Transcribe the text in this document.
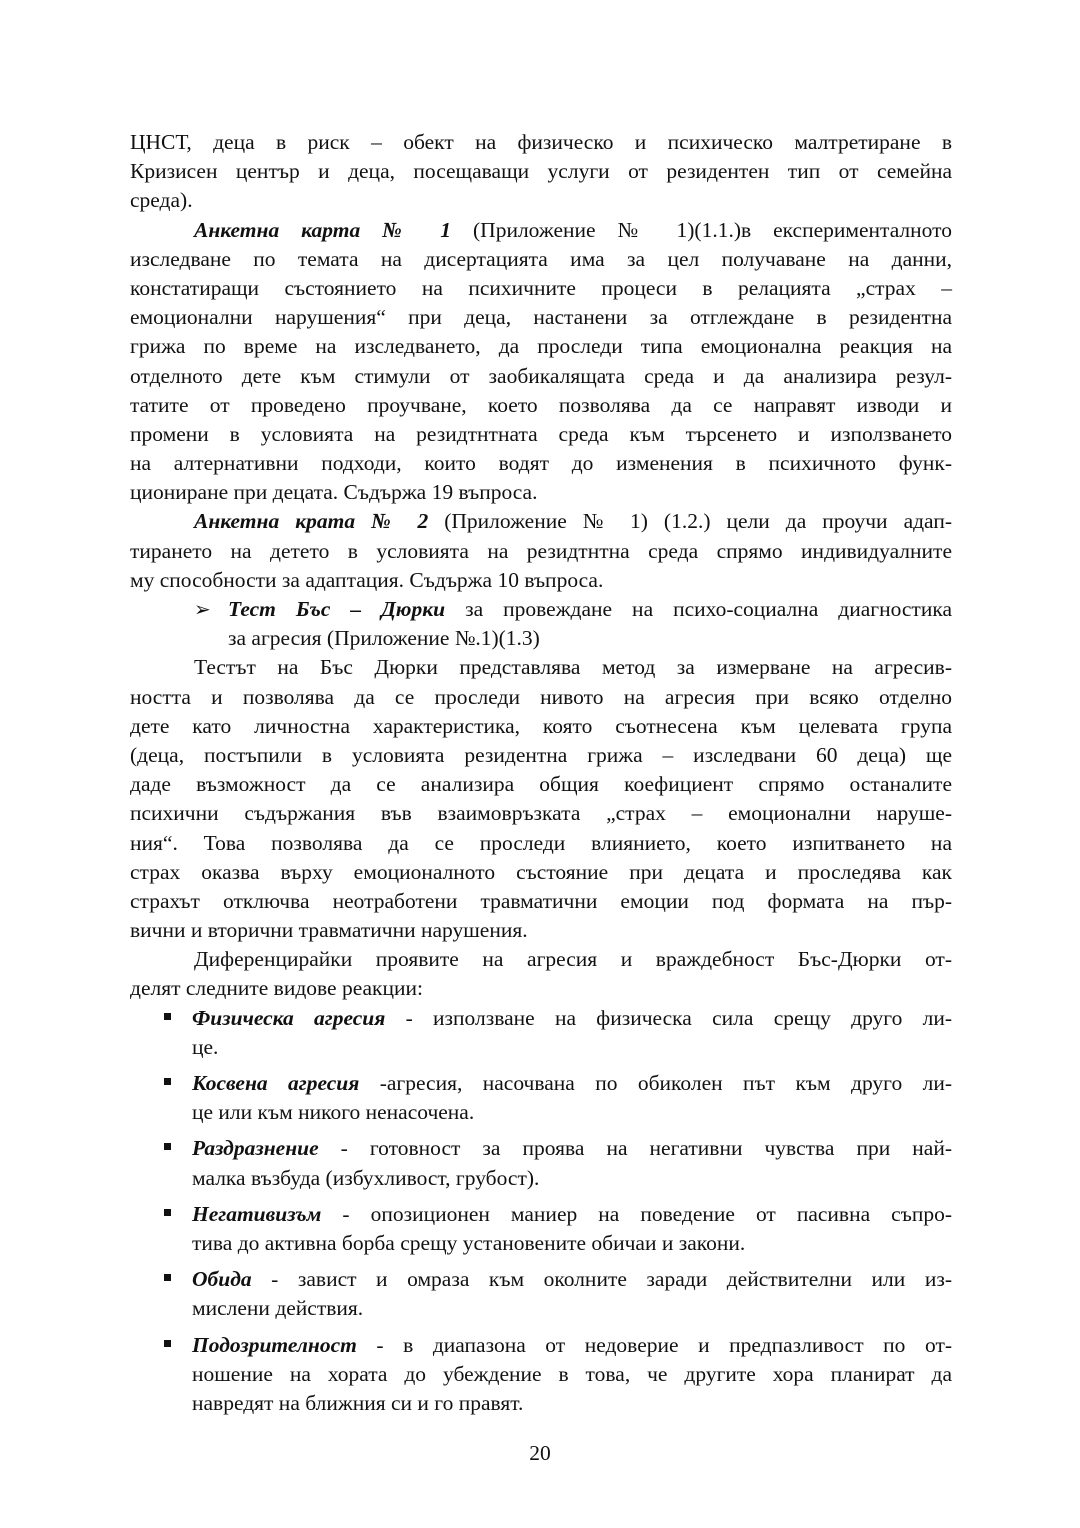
ЦНСТ, деца в риск – обект на физическо и психическо малтретиране в
Кризисен център и деца, посещаващи услуги от резидентен тип от семейна
среда).
Анкетна карта № 1 (Приложение № 1)(1.1.)в експерименталното
изследване по темата на дисертацията има за цел получаване на данни,
констатиращи състоянието на психичните процеси в релацията „страх –
емоционални нарушения“ при деца, настанени за отглеждане в резидентна
грижа по време на изследването, да проследи типа емоционална реакция на
отделното дете към стимули от заобикалящата среда и да анализира резул-
татите от проведено проучване, което позволява да се направят изводи и
промени в условията на резидтнтната среда към търсенето и използването
на алтернативни подходи, които водят до изменения в психичното функ-
циониране при децата. Съдържа 19 въпроса.
Анкетна крата № 2 (Приложение № 1) (1.2.) цели да проучи адап-
тирането на детето в условията на резидтнтна среда спрямо индивидуалните
му способности за адаптация. Съдържа 10 въпроса.
➢ Тест Бъс – Дюрки за провеждане на психо-социална диагностика
за агресия (Приложение №.1)(1.3)
Тестът на Бъс Дюрки представлява метод за измерване на агресив-
ността и позволява да се проследи нивото на агресия при всяко отделно
дете като личностна характеристика, която съотнесена към целевата група
(деца, постъпили в условията резидентна грижа – изследвани 60 деца) ще
даде възможност да се анализира общия коефициент спрямо останалите
психични съдържания във взаимовръзката „страх – емоционални наруше-
ния“. Това позволява да се проследи влиянието, което изпитването на
страх оказва върху емоционалното състояние при децата и проследява как
страхът отключва неотработени травматични емоции под формата на пър-
вични и вторични травматични нарушения.
Диференцирайки проявите на агресия и враждебност Бъс-Дюрки от-
делят следните видове реакции:
Физическа агресия - използване на физическа сила срещу друго ли-
це.
Косвена агресия -агресия, насочвана по обиколен път към друго ли-
це или към никого ненасочена.
Раздразнение - готовност за проява на негативни чувства при най-
малка възбуда (избухливост, грубост).
Негативизъм - опозиционен маниер на поведение от пасивна съпро-
тива до активна борба срещу установените обичаи и закони.
Обида - завист и омраза към околните заради действителни или из-
мислени действия.
Подозрителност - в диапазона от недоверие и предпазливост по от-
ношение на хората до убеждение в това, че другите хора планират да
навредят на ближния си и го правят.
20
